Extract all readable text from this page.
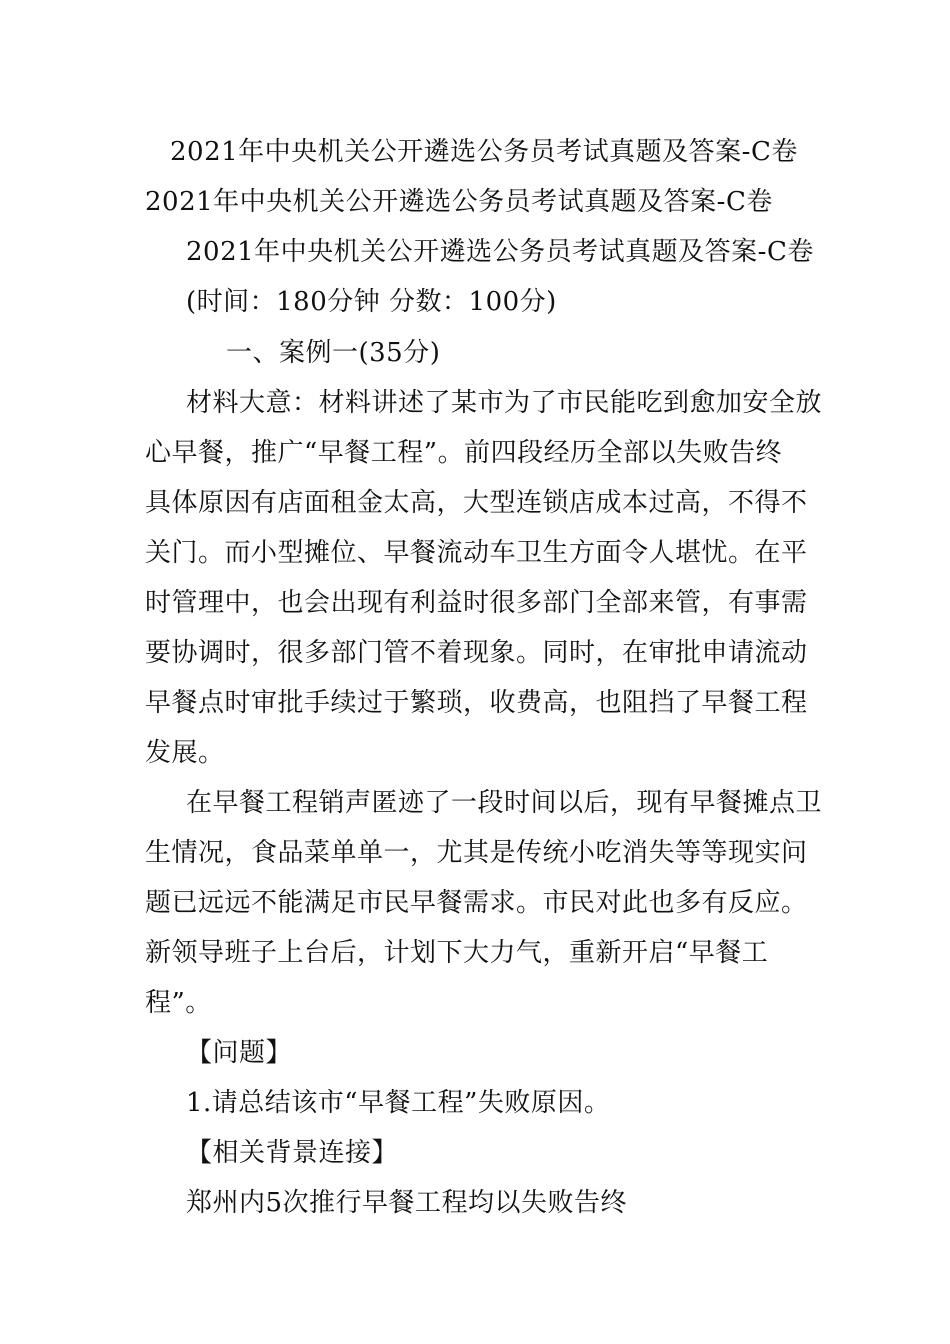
2021年中央机关公开遴选公务员考试真题及答案-C卷
2021年中央机关公开遴选公务员考试真题及答案-C卷
2021年中央机关公开遴选公务员考试真题及答案-C卷
(时间：180分钟 分数：100分)
一、案例一(35分)
材料大意：材料讲述了某市为了市民能吃到愈加安全放
心早餐，推广“早餐工程”。前四段经历全部以失败告终
具体原因有店面租金太高，大型连锁店成本过高，不得不
关门。而小型摊位、早餐流动车卫生方面令人堪忧。在平
时管理中，也会出现有利益时很多部门全部来管，有事需
要协调时，很多部门管不着现象。同时，在审批申请流动
早餐点时审批手续过于繁琐，收费高，也阻挡了早餐工程
发展。
在早餐工程销声匿迹了一段时间以后，现有早餐摊点卫
生情况，食品菜单单一，尤其是传统小吃消失等等现实问
题已远远不能满足市民早餐需求。市民对此也多有反应。
新领导班子上台后，计划下大力气，重新开启“早餐工
程”。
【问题】
1.请总结该市“早餐工程”失败原因。
【相关背景连接】
郑州内5次推行早餐工程均以失败告终
